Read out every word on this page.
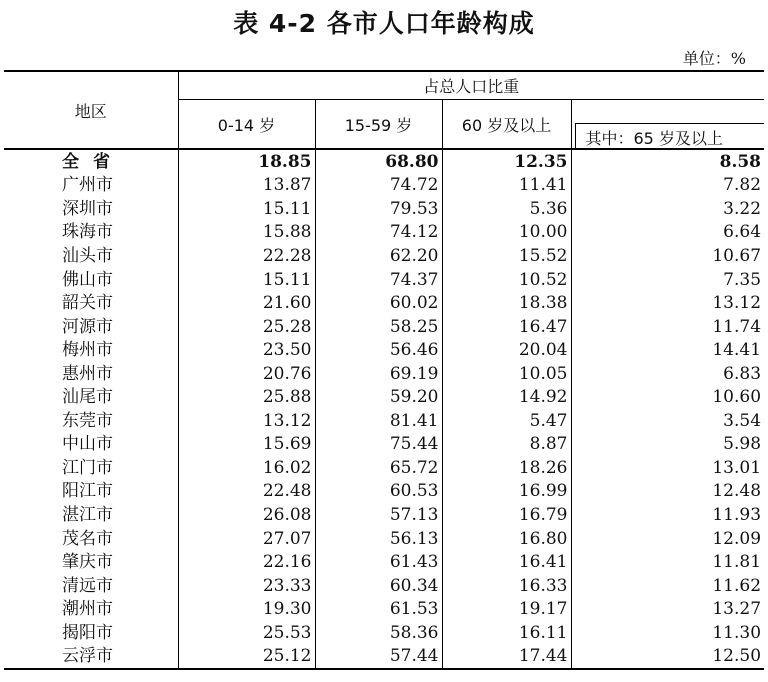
表 4-2 各市人口年龄构成
单位：%
地区	占总人口比重			
	0-14 岁	15-59 岁	60 岁及以上	其中：65 岁及以上

全省	18.85	68.80	12.35	8.58
广州市	13.87	74.72	11.41	7.82
深圳市	15.11	79.53	5.36	3.22
珠海市	15.88	74.12	10.00	6.64
汕头市	22.28	62.20	15.52	10.67
佛山市	15.11	74.37	10.52	7.35
韶关市	21.60	60.02	18.38	13.12
河源市	25.28	58.25	16.47	11.74
梅州市	23.50	56.46	20.04	14.41
惠州市	20.76	69.19	10.05	6.83
汕尾市	25.88	59.20	14.92	10.60
东莞市	13.12	81.41	5.47	3.54
中山市	15.69	75.44	8.87	5.98
江门市	16.02	65.72	18.26	13.01
阳江市	22.48	60.53	16.99	12.48
湛江市	26.08	57.13	16.79	11.93
茂名市	27.07	56.13	16.80	12.09
肇庆市	22.16	61.43	16.41	11.81
清远市	23.33	60.34	16.33	11.62
潮州市	19.30	61.53	19.17	13.27
揭阳市	25.53	58.36	16.11	11.30
云浮市	25.12	57.44	17.44	12.50
